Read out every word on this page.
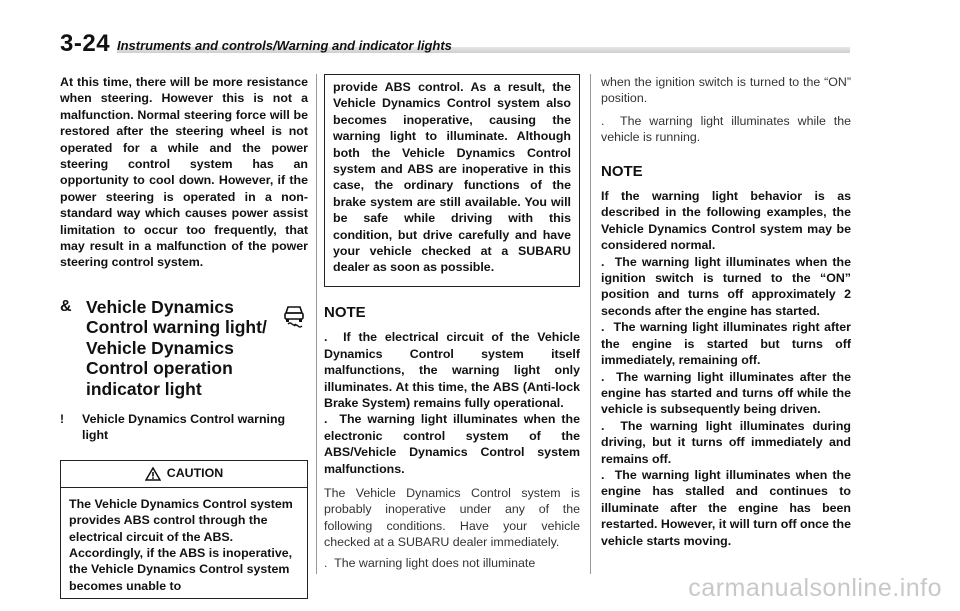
3-24 Instruments and controls/Warning and indicator lights

At this time, there will be more resistance when steering. However this is not a malfunction. Normal steering force will be restored after the steering wheel is not operated for a while and the power steering control system has an opportunity to cool down. However, if the power steering is operated in a non-standard way which causes power assist limitation to occur too frequently, that may result in a malfunction of the power steering control system.

& Vehicle Dynamics Control warning light/ Vehicle Dynamics Control operation indicator light
!	Vehicle Dynamics Control warning light
CAUTION
The Vehicle Dynamics Control system provides ABS control through the electrical circuit of the ABS. Accordingly, if the ABS is inoperative, the Vehicle Dynamics Control system becomes unable to

provide ABS control. As a result, the Vehicle Dynamics Control system also becomes inoperative, causing the warning light to illuminate. Although both the Vehicle Dynamics Control system and ABS are inoperative in this case, the ordinary functions of the brake system are still available. You will be safe while driving with this condition, but drive carefully and have your vehicle checked at a SUBARU dealer as soon as possible.

NOTE

. If the electrical circuit of the Vehicle Dynamics Control system itself malfunctions, the warning light only illuminates. At this time, the ABS (Anti-lock Brake System) remains fully operational.

. The warning light illuminates when the electronic control system of the ABS/Vehicle Dynamics Control system malfunctions.

The Vehicle Dynamics Control system is probably inoperative under any of the following conditions. Have your vehicle checked at a SUBARU dealer immediately.

. The warning light does not illuminate

when the ignition switch is turned to the “ON” position.

. The warning light illuminates while the vehicle is running.

NOTE

If the warning light behavior is as described in the following examples, the Vehicle Dynamics Control system may be considered normal.

. The warning light illuminates when the ignition switch is turned to the “ON” position and turns off approximately 2 seconds after the engine has started.

. The warning light illuminates right after the engine is started but turns off immediately, remaining off.

. The warning light illuminates after the engine has started and turns off while the vehicle is subsequently being driven.

. The warning light illuminates during driving, but it turns off immediately and remains off.

. The warning light illuminates when the engine has stalled and continues to illuminate after the engine has been restarted. However, it will turn off once the vehicle starts moving.

carmanualsonline.info
